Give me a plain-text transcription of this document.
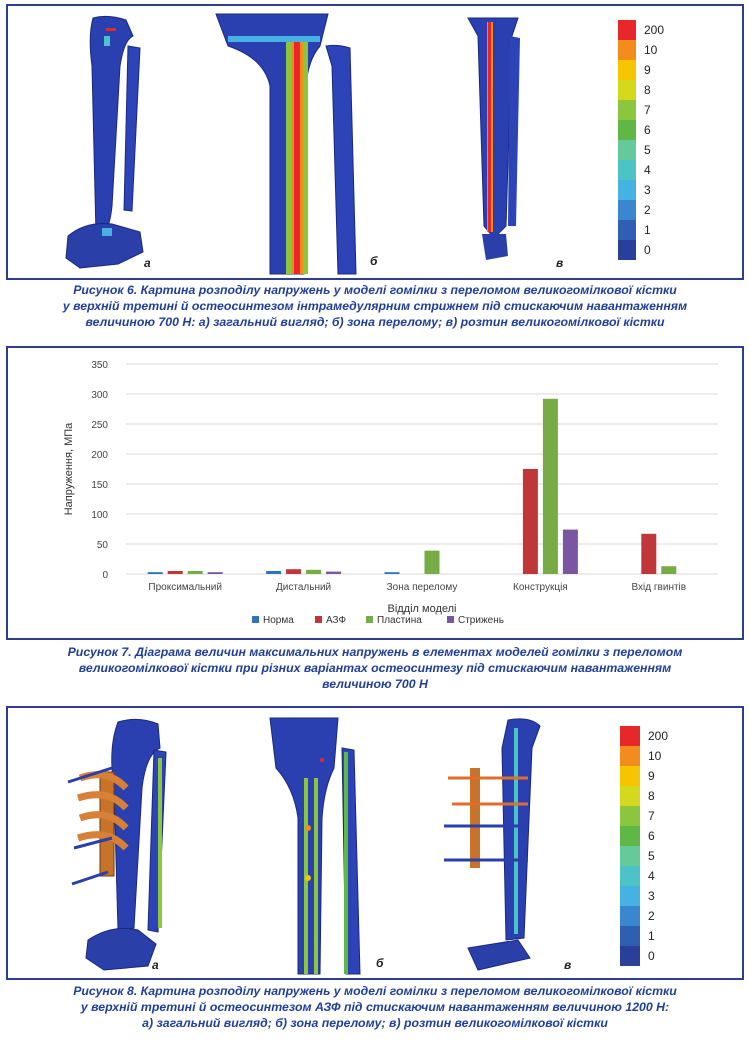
200
10
9
8
7
6
5
4
3
2
1
0
а	б	в
Рисунок 6. Картина розподілу напружень у моделі гомілки з переломом великогомілкової кістки
у верхній третині й остеосинтезом інтрамедулярним стрижнем під стискаючим навантаженням
величиною 700 Н: а) загальний вигляд; б) зона перелому; в) розтин великогомілкової кістки
0
50
100
150
200
250
300
350
Напруження, МПа
Проксимальний	Дистальний	Зона перелому	Конструкція	Вхід гвинтів
Відділ моделі
Норма	АЗФ	Пластина	Стрижень
Рисунок 7. Діаграма величин максимальних напружень в елементах моделей гомілки з переломом
великогомілкової кістки при різних варіантах остеосинтезу під стискаючим навантаженням
величиною 700 Н
200
10
9
8
7
6
5
4
3
2
1
0
а	б	в
Рисунок 8. Картина розподілу напружень у моделі гомілки з переломом великогомілкової кістки
у верхній третині й остеосинтезом АЗФ під стискаючим навантаженням величиною 1200 Н:
а) загальний вигляд; б) зона перелому; в) розтин великогомілкової кістки
